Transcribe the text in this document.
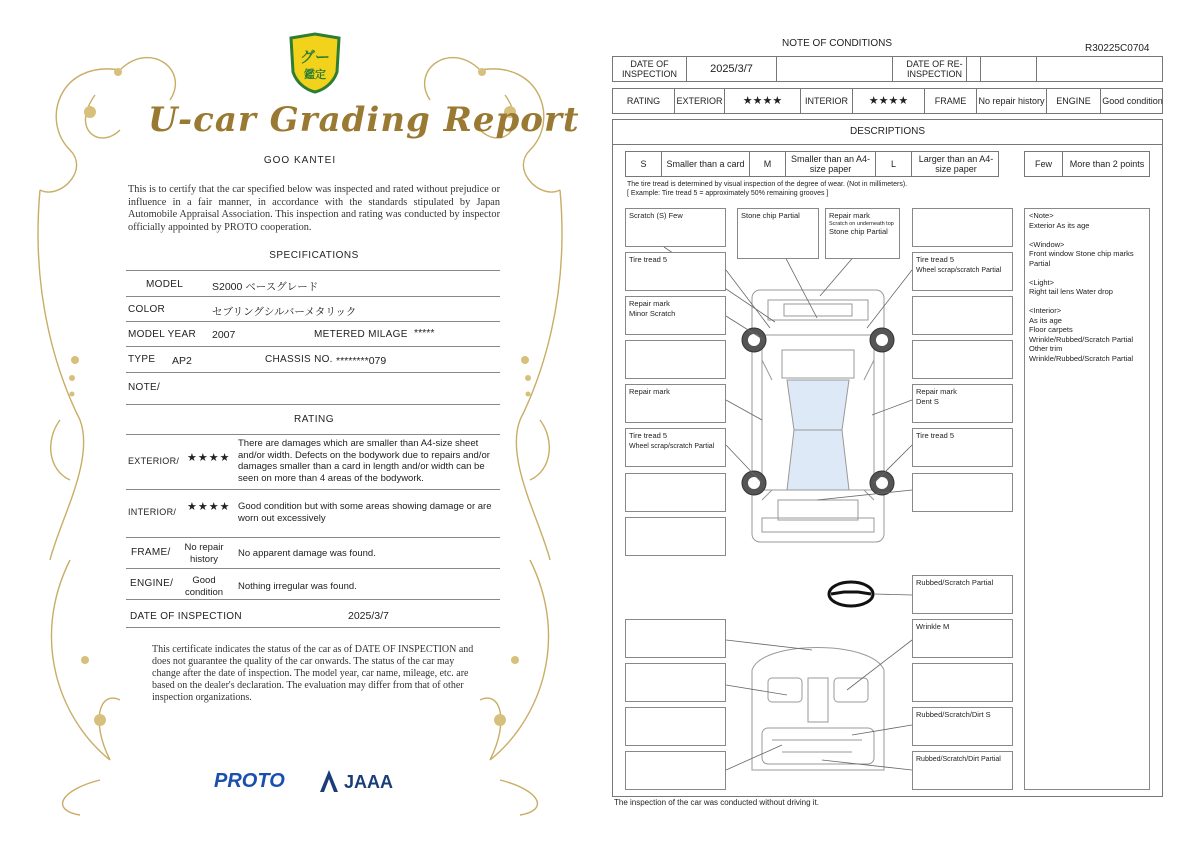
グー
鑑定
U-car Grading Report
GOO KANTEI
This is to certify that the car specified below was inspected and rated without prejudice or influence in a fair manner, in accordance with the standards stipulated by Japan Automobile Appraisal Association. This inspection and rating was conducted by inspector officially appointed by PROTO cooperation.
SPECIFICATIONS
MODEL	S2000 ベースグレード
COLOR	セブリングシルバーメタリック
MODEL YEAR 2007	METERED MILAGE *****
TYPE AP2	CHASSIS NO. ********079
NOTE/
RATING
EXTERIOR/ ★★★★
There are damages which are smaller than A4-size sheet and/or width. Defects on the bodywork due to repairs and/or damages smaller than a card in length and/or width can be seen on more than 4 areas of the bodywork.
INTERIOR/ ★★★★ Good condition but with some areas showing damage or are worn out excessively
FRAME/	No repair history	No apparent damage was found.
ENGINE/	Good condition	Nothing irregular was found.
DATE OF INSPECTION	2025/3/7
This certificate indicates the status of the car as of DATE OF INSPECTION and does not guarantee the quality of the car onwards. The status of the car may change after the date of inspection. The model year, car name, mileage, etc. are based on the dealer's declaration. The evaluation may differ from that of other inspection organizations.
PROTO	JAAA
NOTE OF CONDITIONS	R30225C0704
DATE OF INSPECTION	2025/3/7	DATE OF RE-INSPECTION
RATING	EXTERIOR	★★★★	INTERIOR	★★★★	FRAME	No repair history	ENGINE	Good condition
DESCRIPTIONS
S	Smaller than a card	M	Smaller than an A4-size paper	L	Larger than an A4-size paper	Few	More than 2 points
The tire tread is determined by visual inspection of the degree of wear. (Not in millimeters).
[ Example: Tire tread 5 = approximately 50% remaining grooves ]
Scratch (S) Few
Tire tread 5
Repair mark
Minor Scratch
Repair mark
Tire tread 5
Wheel scrap/scratch Partial
Stone chip Partial	Repair mark

Scratch on underneath top
Stone chip Partial
Tire tread 5
Wheel scrap/scratch Partial
Repair mark
Dent S
Tire tread 5
Rubbed/Scratch Partial
Wrinkle M
Rubbed/Scratch/Dirt S
Rubbed/Scratch/Dirt Partial
<Note>
Exterior As its age

<Window>
Front window Stone chip marks Partial

<Light>
Right tail lens Water drop

<Interior>
As its age
Floor carpets
Wrinkle/Rubbed/Scratch Partial
Other trim
Wrinkle/Rubbed/Scratch Partial
The inspection of the car was conducted without driving it.
